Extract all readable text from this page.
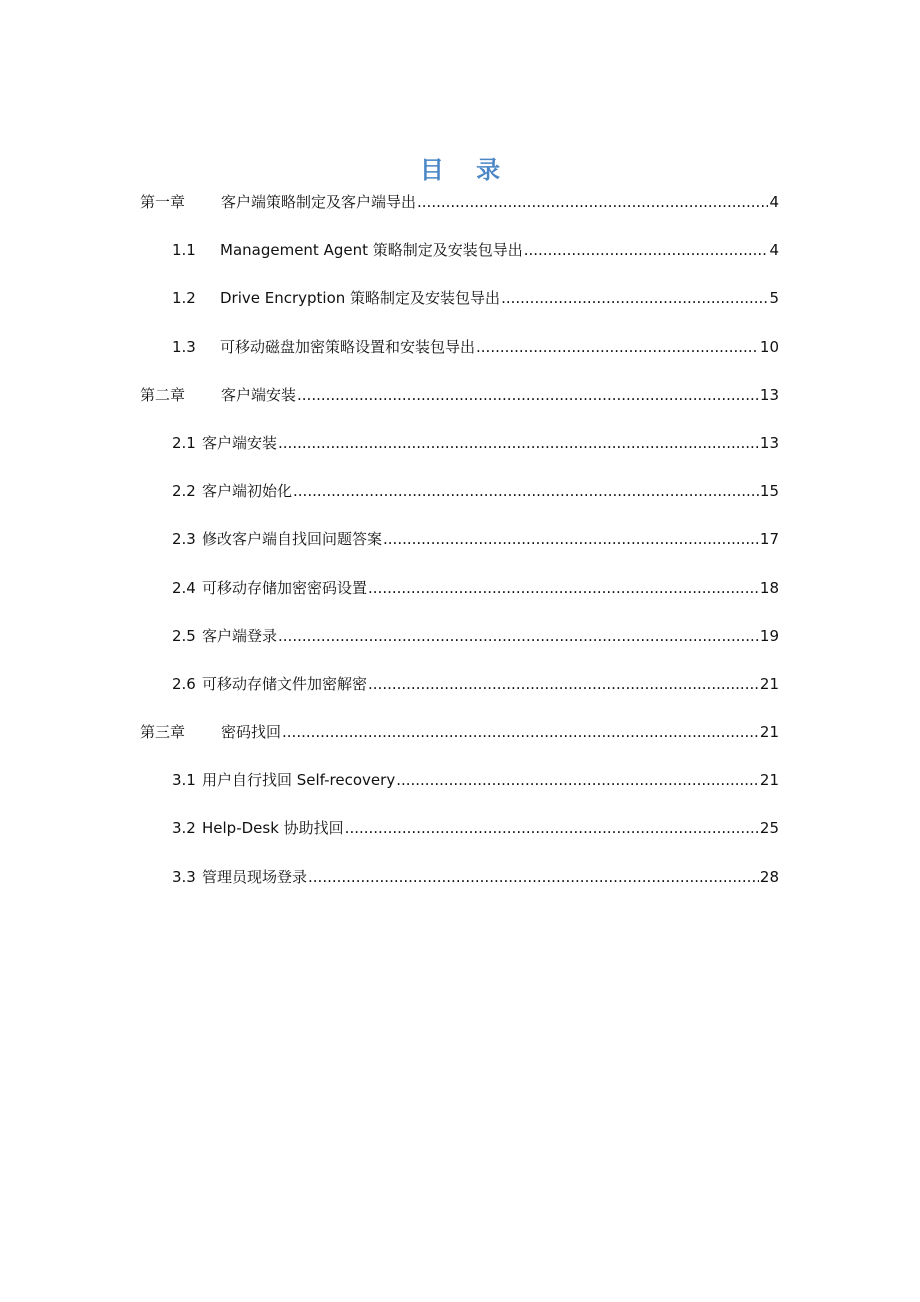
目 录
第一章	客户端策略制定及客户端导出 .....	4
1.1	Management Agent 策略制定及安装包导出 .....	4
1.2	Drive Encryption 策略制定及安装包导出 .....	5
1.3	可移动磁盘加密策略设置和安装包导出 .....	10
第二章	客户端安装 .....	13
2.1 客户端安装 .....	13
2.2 客户端初始化 .....	15
2.3 修改客户端自找回问题答案 .....	17
2.4 可移动存储加密密码设置 .....	18
2.5 客户端登录 .....	19
2.6 可移动存储文件加密解密 .....	21
第三章	密码找回 .....	21
3.1 用户自行找回 Self-recovery .....	21
3.2 Help-Desk 协助找回 .....	25
3.3 管理员现场登录 .....	28
